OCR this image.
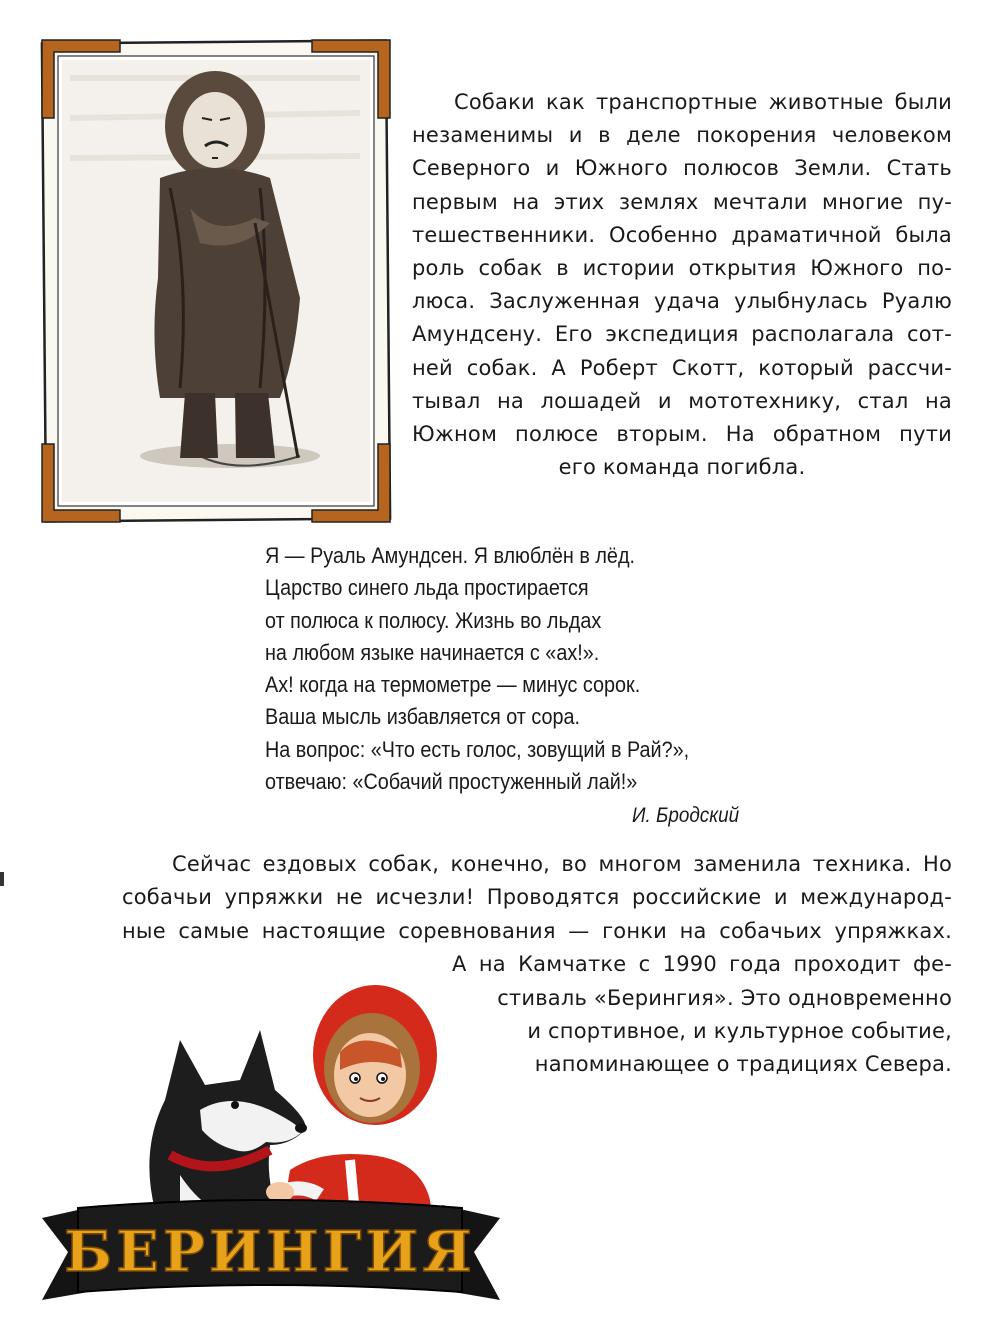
Собаки как транспортные животные были
незаменимы и в деле покорения человеком
Северного и Южного полюсов Земли. Стать
первым на этих землях мечтали многие пу-
тешественники. Особенно драматичной была
роль собак в истории открытия Южного по-
люса. Заслуженная удача улыбнулась Руалю
Амундсену. Его экспедиция располагала сот-
ней собак. А Роберт Скотт, который рассчи-
тывал на лошадей и мототехнику, стал на
Южном полюсе вторым. На обратном пути
его команда погибла.
Я — Руаль Амундсен. Я влюблён в лёд.
Царство синего льда простирается
от полюса к полюсу. Жизнь во льдах
на любом языке начинается с «ах!».
Ах! когда на термометре — минус сорок.
Ваша мысль избавляется от сора.
На вопрос: «Что есть голос, зовущий в Рай?»,
отвечаю: «Собачий простуженный лай!»
И. Бродский
Сейчас ездовых собак, конечно, во многом заменила техника. Но
собачьи упряжки не исчезли! Проводятся российские и международ-
ные самые настоящие соревнования — гонки на собачьих упряжках.
А на Камчатке с 1990 года проходит фе-
стиваль «Берингия». Это одновременно
и спортивное, и культурное событие,
напоминающее о традициях Севера.
БЕРИНГИЯ
